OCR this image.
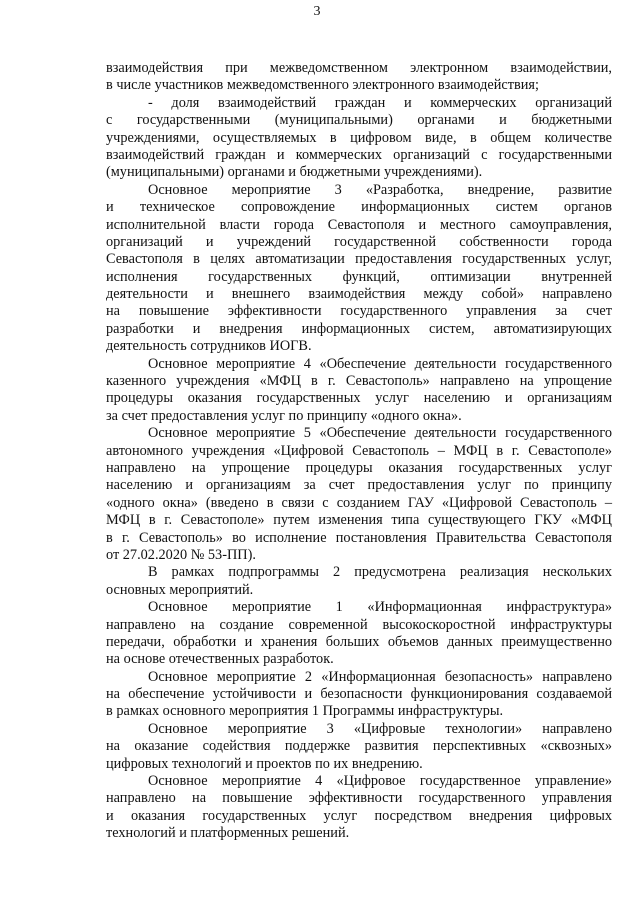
3
взаимодействия при межведомственном электронном взаимодействии,
в числе участников межведомственного электронного взаимодействия;
- доля взаимодействий граждан и коммерческих организаций
с государственными (муниципальными) органами и бюджетными
учреждениями, осуществляемых в цифровом виде, в общем количестве
взаимодействий граждан и коммерческих организаций с государственными
(муниципальными) органами и бюджетными учреждениями).
Основное мероприятие 3 «Разработка, внедрение, развитие
и техническое сопровождение информационных систем органов
исполнительной власти города Севастополя и местного самоуправления,
организаций и учреждений государственной собственности города
Севастополя в целях автоматизации предоставления государственных услуг,
исполнения государственных функций, оптимизации внутренней
деятельности и внешнего взаимодействия между собой» направлено
на повышение эффективности государственного управления за счет
разработки и внедрения информационных систем, автоматизирующих
деятельность сотрудников ИОГВ.
Основное мероприятие 4 «Обеспечение деятельности государственного
казенного учреждения «МФЦ в г. Севастополь» направлено на упрощение
процедуры оказания государственных услуг населению и организациям
за счет предоставления услуг по принципу «одного окна».
Основное мероприятие 5 «Обеспечение деятельности государственного
автономного учреждения «Цифровой Севастополь – МФЦ в г. Севастополе»
направлено на упрощение процедуры оказания государственных услуг
населению и организациям за счет предоставления услуг по принципу
«одного окна» (введено в связи с созданием ГАУ «Цифровой Севастополь –
МФЦ в г. Севастополе» путем изменения типа существующего ГКУ «МФЦ
в г. Севастополь» во исполнение постановления Правительства Севастополя
от 27.02.2020 № 53-ПП).
В рамках подпрограммы 2 предусмотрена реализация нескольких
основных мероприятий.
Основное мероприятие 1 «Информационная инфраструктура»
направлено на создание современной высокоскоростной инфраструктуры
передачи, обработки и хранения больших объемов данных преимущественно
на основе отечественных разработок.
Основное мероприятие 2 «Информационная безопасность» направлено
на обеспечение устойчивости и безопасности функционирования создаваемой
в рамках основного мероприятия 1 Программы инфраструктуры.
Основное мероприятие 3 «Цифровые технологии» направлено
на оказание содействия поддержке развития перспективных «сквозных»
цифровых технологий и проектов по их внедрению.
Основное мероприятие 4 «Цифровое государственное управление»
направлено на повышение эффективности государственного управления
и оказания государственных услуг посредством внедрения цифровых
технологий и платформенных решений.
